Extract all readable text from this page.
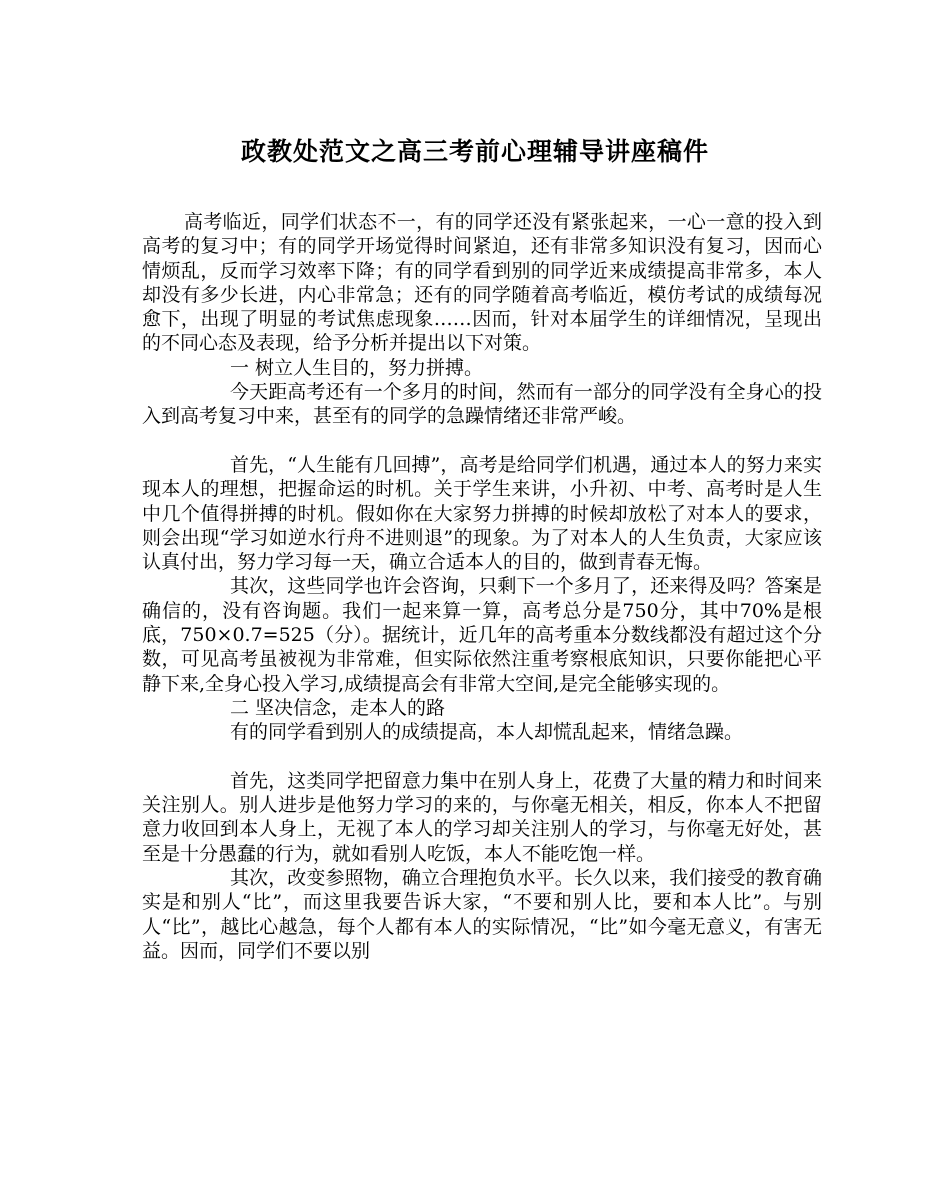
政教处范文之高三考前心理辅导讲座稿件

高考临近，同学们状态不一，有的同学还没有紧张起来，一心一意的投入到高考的复习中；有的同学开场觉得时间紧迫，还有非常多知识没有复习，因而心情烦乱，反而学习效率下降；有的同学看到别的同学近来成绩提高非常多，本人却没有多少长进，内心非常急；还有的同学随着高考临近，模仿考试的成绩每况愈下，出现了明显的考试焦虑现象……因而，针对本届学生的详细情况，呈现出的不同心态及表现，给予分析并提出以下对策。

一 树立人生目的，努力拼搏。

今天距高考还有一个多月的时间，然而有一部分的同学没有全身心的投入到高考复习中来，甚至有的同学的急躁情绪还非常严峻。

首先，“人生能有几回搏”，高考是给同学们机遇，通过本人的努力来实现本人的理想，把握命运的时机。关于学生来讲，小升初、中考、高考时是人生中几个值得拼搏的时机。假如你在大家努力拼搏的时候却放松了对本人的要求，则会出现“学习如逆水行舟不进则退”的现象。为了对本人的人生负责，大家应该认真付出，努力学习每一天，确立合适本人的目的，做到青春无悔。

其次，这些同学也许会咨询，只剩下一个多月了，还来得及吗？答案是确信的，没有咨询题。我们一起来算一算，高考总分是750分，其中70%是根底，750×0.7=525（分）。据统计，近几年的高考重本分数线都没有超过这个分数，可见高考虽被视为非常难，但实际依然注重考察根底知识，只要你能把心平静下来,全身心投入学习,成绩提高会有非常大空间,是完全能够实现的。

二 坚决信念，走本人的路

有的同学看到别人的成绩提高，本人却慌乱起来，情绪急躁。

首先，这类同学把留意力集中在别人身上，花费了大量的精力和时间来关注别人。别人进步是他努力学习的来的，与你毫无相关，相反，你本人不把留意力收回到本人身上，无视了本人的学习却关注别人的学习，与你毫无好处，甚至是十分愚蠢的行为，就如看别人吃饭，本人不能吃饱一样。

其次，改变参照物，确立合理抱负水平。长久以来，我们接受的教育确实是和别人“比”，而这里我要告诉大家，“不要和别人比，要和本人比”。与别人“比”，越比心越急，每个人都有本人的实际情况，“比”如今毫无意义，有害无益。因而，同学们不要以别
